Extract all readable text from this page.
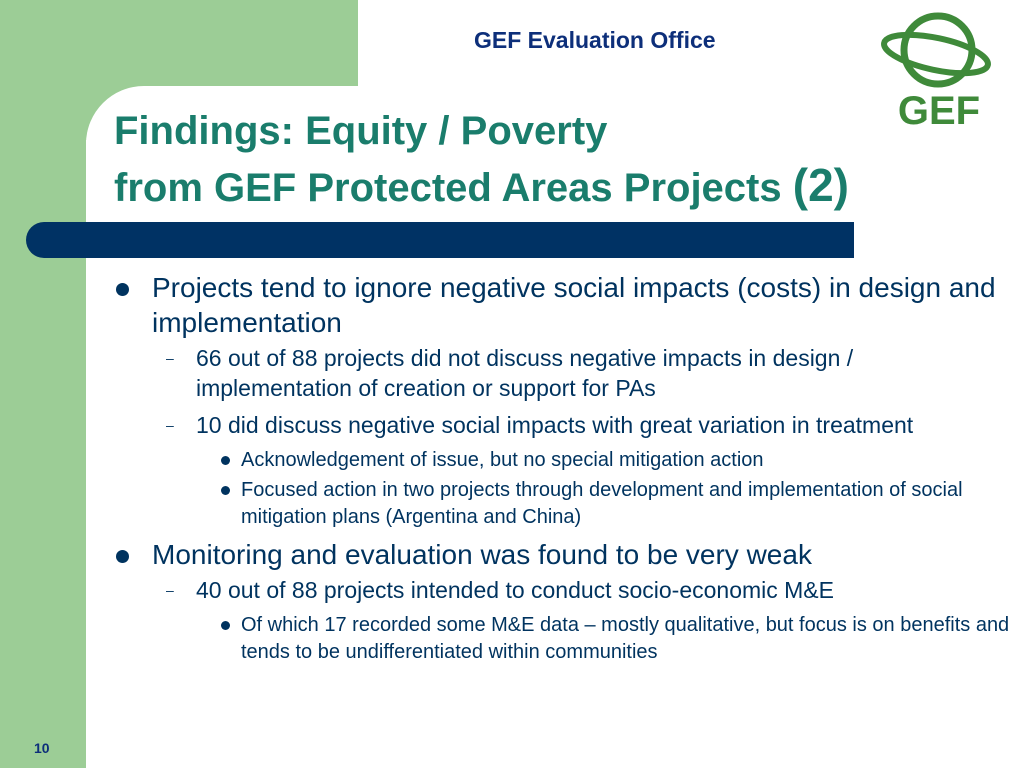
GEF Evaluation Office
GEF
Findings: Equity / Poverty
from GEF Protected Areas Projects (2)
Projects tend to ignore negative social impacts (costs) in design and implementation
– 66 out of 88 projects did not discuss negative impacts in design / implementation of creation or support for PAs
– 10 did discuss negative social impacts with great variation in treatment
Acknowledgement of issue, but no special mitigation action
Focused action in two projects through development and implementation of social mitigation plans (Argentina and China)
Monitoring and evaluation was found to be very weak
– 40 out of 88 projects intended to conduct socio-economic M&E
Of which 17 recorded some M&E data – mostly qualitative, but focus is on benefits and tends to be undifferentiated within communities
10
